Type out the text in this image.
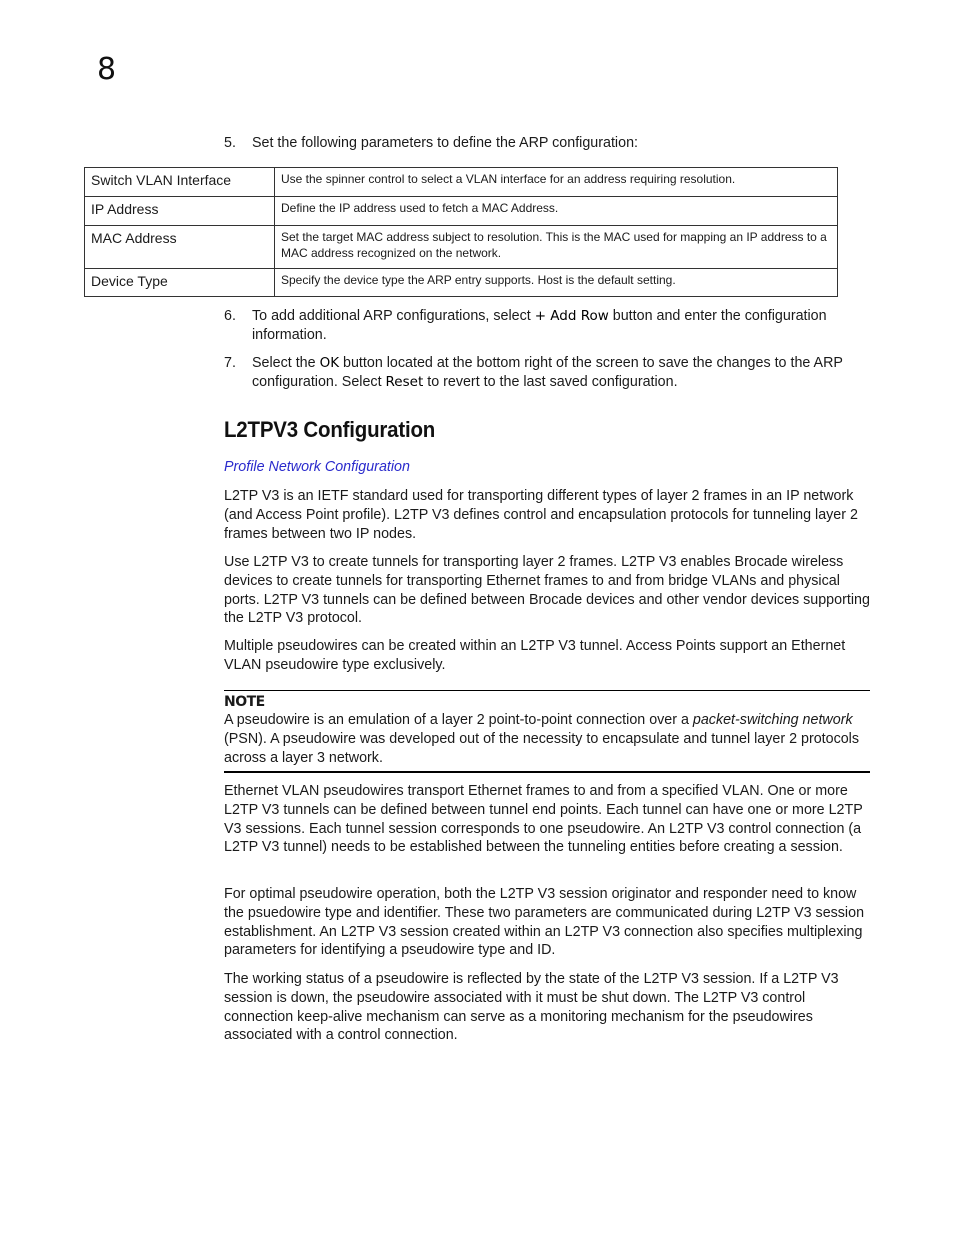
8
5. Set the following parameters to define the ARP configuration:
Switch VLAN Interface	Use the spinner control to select a VLAN interface for an address requiring resolution.
IP Address	Define the IP address used to fetch a MAC Address.
MAC Address	Set the target MAC address subject to resolution. This is the MAC used for mapping an IP address to a MAC address recognized on the network.
Device Type	Specify the device type the ARP entry supports. Host is the default setting.
6. To add additional ARP configurations, select + Add Row button and enter the configuration information.
7. Select the OK button located at the bottom right of the screen to save the changes to the ARP configuration. Select Reset to revert to the last saved configuration.
L2TPV3 Configuration
Profile Network Configuration

L2TP V3 is an IETF standard used for transporting different types of layer 2 frames in an IP network (and Access Point profile). L2TP V3 defines control and encapsulation protocols for tunneling layer 2 frames between two IP nodes.

Use L2TP V3 to create tunnels for transporting layer 2 frames. L2TP V3 enables Brocade wireless devices to create tunnels for transporting Ethernet frames to and from bridge VLANs and physical ports. L2TP V3 tunnels can be defined between Brocade devices and other vendor devices supporting the L2TP V3 protocol.

Multiple pseudowires can be created within an L2TP V3 tunnel. Access Points support an Ethernet VLAN pseudowire type exclusively.

NOTE
A pseudowire is an emulation of a layer 2 point-to-point connection over a packet-switching network (PSN). A pseudowire was developed out of the necessity to encapsulate and tunnel layer 2 protocols across a layer 3 network.

Ethernet VLAN pseudowires transport Ethernet frames to and from a specified VLAN. One or more L2TP V3 tunnels can be defined between tunnel end points. Each tunnel can have one or more L2TP V3 sessions. Each tunnel session corresponds to one pseudowire. An L2TP V3 control connection (a L2TP V3 tunnel) needs to be established between the tunneling entities before creating a session.

For optimal pseudowire operation, both the L2TP V3 session originator and responder need to know the psuedowire type and identifier. These two parameters are communicated during L2TP V3 session establishment. An L2TP V3 session created within an L2TP V3 connection also specifies multiplexing parameters for identifying a pseudowire type and ID.

The working status of a pseudowire is reflected by the state of the L2TP V3 session. If a L2TP V3 session is down, the pseudowire associated with it must be shut down. The L2TP V3 control connection keep-alive mechanism can serve as a monitoring mechanism for the pseudowires associated with a control connection.
